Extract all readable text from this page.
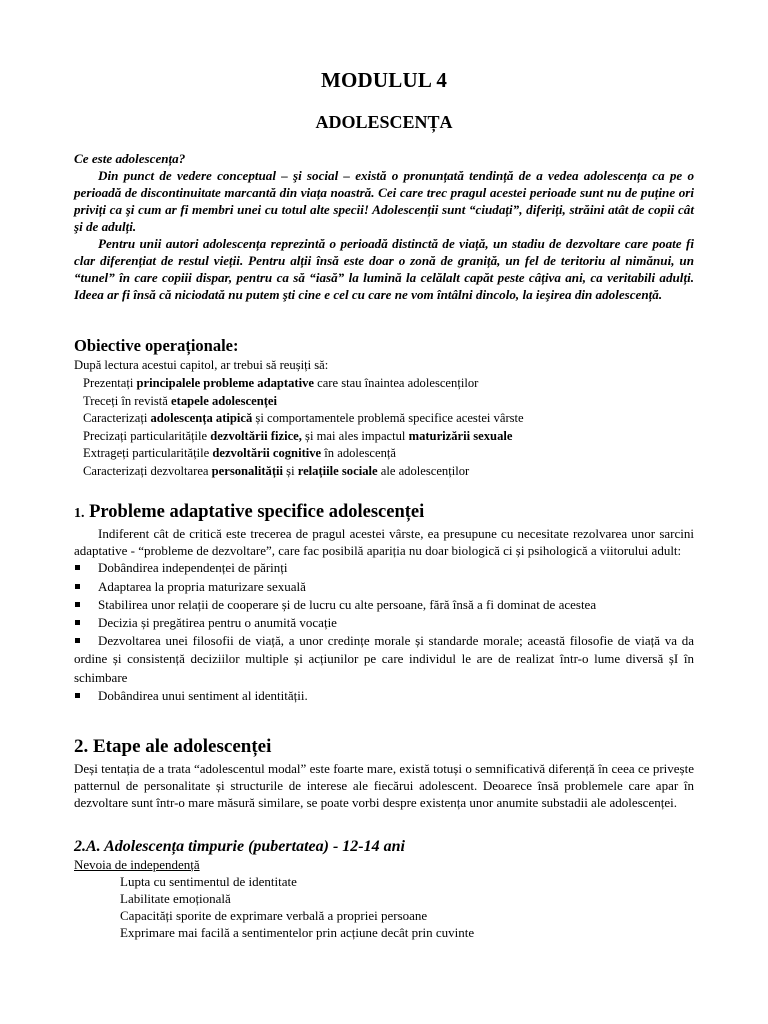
MODULUL 4
ADOLESCENȚA

Ce este adolescența?

Din punct de vedere conceptual – şi social – există o pronunțată tendință de a vedea adolescența ca pe o perioadă de discontinuitate marcantă din viața noastră. Cei care trec pragul acestei perioade sunt nu de puține ori priviți ca şi cum ar fi membri unei cu totul alte specii! Adolescenții sunt “ciudați”, diferiți, străini atât de copii cât şi de adulți.

Pentru unii autori adolescența reprezintă o perioadă distinctă de viață, un stadiu de dezvoltare care poate fi clar diferențiat de restul vieții. Pentru alții însă este doar o zonă de graniță, un fel de teritoriu al nimănui, un “tunel” în care copiii dispar, pentru ca să “iasă” la lumină la celălalt capăt peste câțiva ani, ca veritabili adulți. Ideea ar fi însă că niciodată nu putem şti cine e cel cu care ne vom întâlni dincolo, la ieşirea din adolescență.

Obiective operaționale:
După lectura acestui capitol, ar trebui să reușiți să:
Prezentați principalele probleme adaptative care stau înaintea adolescenților
Treceți în revistă etapele adolescenței
Caracterizați adolescența atipică și comportamentele problemă specifice acestei vârste
Precizați particularitățile dezvoltării fizice, și mai ales impactul maturizării sexuale
Extrageți particularitățile dezvoltării cognitive în adolescență
Caracterizați dezvoltarea personalității și relațiile sociale ale adolescenților
1. Probleme adaptative specifice adolescenței

Indiferent cât de critică este trecerea de pragul acestei vârste, ea presupune cu necesitate rezolvarea unor sarcini adaptative - “probleme de dezvoltare”, care fac posibilă apariția nu doar biologică ci și psihologică a viitorului adult:

Dobândirea independenței de părinți
Adaptarea la propria maturizare sexuală
Stabilirea unor relații de cooperare și de lucru cu alte persoane, fără însă a fi dominat de acestea
Decizia și pregătirea pentru o anumită vocație
Dezvoltarea unei filosofii de viață, a unor credințe morale și standarde morale; această filosofie de viață va da ordine și consistență deciziilor multiple și acțiunilor pe care individul le are de realizat într-o lume diversă șI în schimbare
Dobândirea unui sentiment al identității.
2. Etape ale adolescenței

Deși tentația de a trata “adolescentul modal” este foarte mare, există totuși o semnificativă diferență în ceea ce privește patternul de personalitate și structurile de interese ale fiecărui adolescent. Deoarece însă problemele care apar în dezvoltare sunt într-o mare măsură similare, se poate vorbi despre existența unor anumite substadii ale adolescenței.

2.A. Adolescența timpurie (pubertatea) - 12-14 ani
Nevoia de independență
Lupta cu sentimentul de identitate
Labilitate emoțională
Capacități sporite de exprimare verbală a propriei persoane
Exprimare mai facilă a sentimentelor prin acțiune decât prin cuvinte
